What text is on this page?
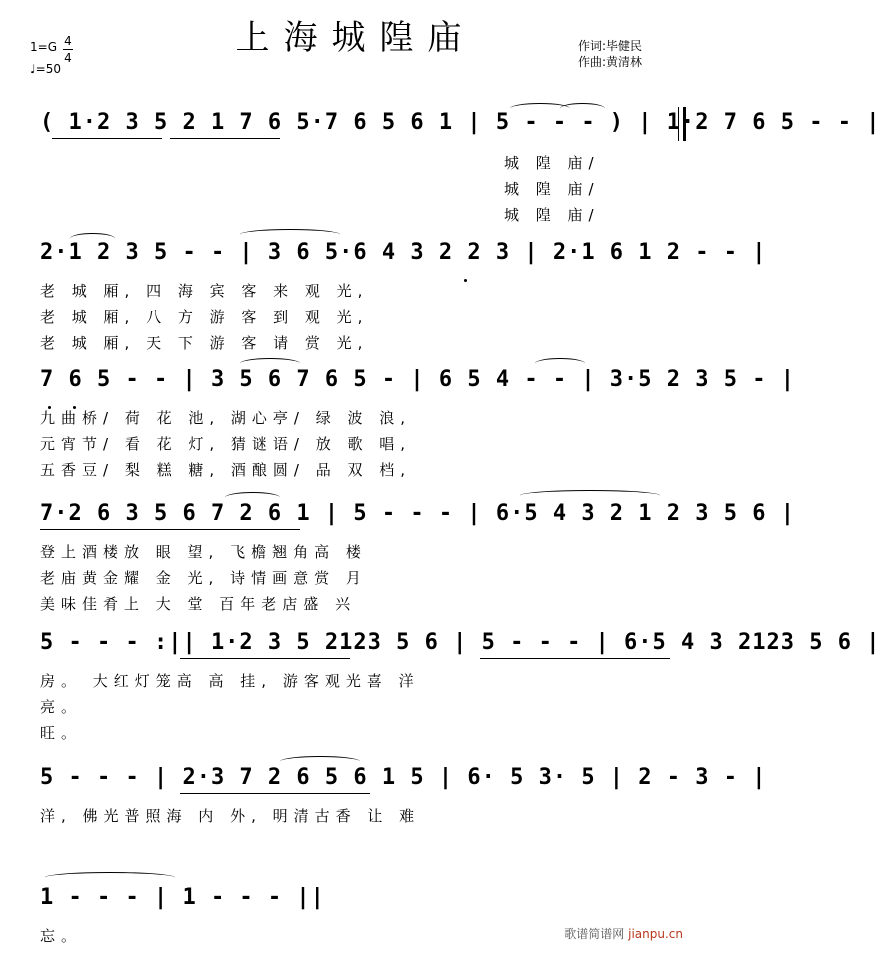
上海城隍庙
1=G 4
4
♩=50
作词:毕健民
作曲:黄清林
( 1·2 3 5 2 1 7 6 5·7 6 5 6 1 | 5 - - - ) | 1·2 7 6 5 - - |
城 隍 庙/
城 隍 庙/
城 隍 庙/
2·1 2 3 5 - - | 3 6 5·6 4 3 2 2 3 | 2·1 6 1 2 - - |
老 城 厢, 四 海 宾 客 来 观 光,
老 城 厢, 八 方 游 客 到 观 光,
老 城 厢, 天 下 游 客 请 赏 光,
7 6 5 - - | 3 5 6 7 6 5 - | 6 5 4 - - | 3·5 2 3 5 - |
九曲桥/ 荷 花 池, 湖心亭/ 绿 波 浪,
元宵节/ 看 花 灯, 猜谜语/ 放 歌 唱,
五香豆/ 梨 糕 糖, 酒酿圆/ 品 双 档,
7·2 6 3 5 6 7 2 6 1 | 5 - - - | 6·5 4 3 2 1 2 3 5 6 |
登上酒楼放 眼 望, 飞檐翘角高 楼
老庙黄金耀 金 光, 诗情画意赏 月
美味佳肴上 大 堂 百年老店盛 兴
5 - - - :|| 1·2 3 5 2123 5 6 | 5 - - - | 6·5 4 3 2123 5 6 |
房。 大红灯笼高 高 挂, 游客观光喜 洋
亮。
旺。
5 - - - | 2·3 7 2 6 5 6 1 5 | 6· 5 3· 5 | 2 - 3 - |
洋, 佛光普照海 内 外, 明清古香 让 难
1 - - - | 1 - - - ||
忘。	歌谱简谱网 jianpu.cn
